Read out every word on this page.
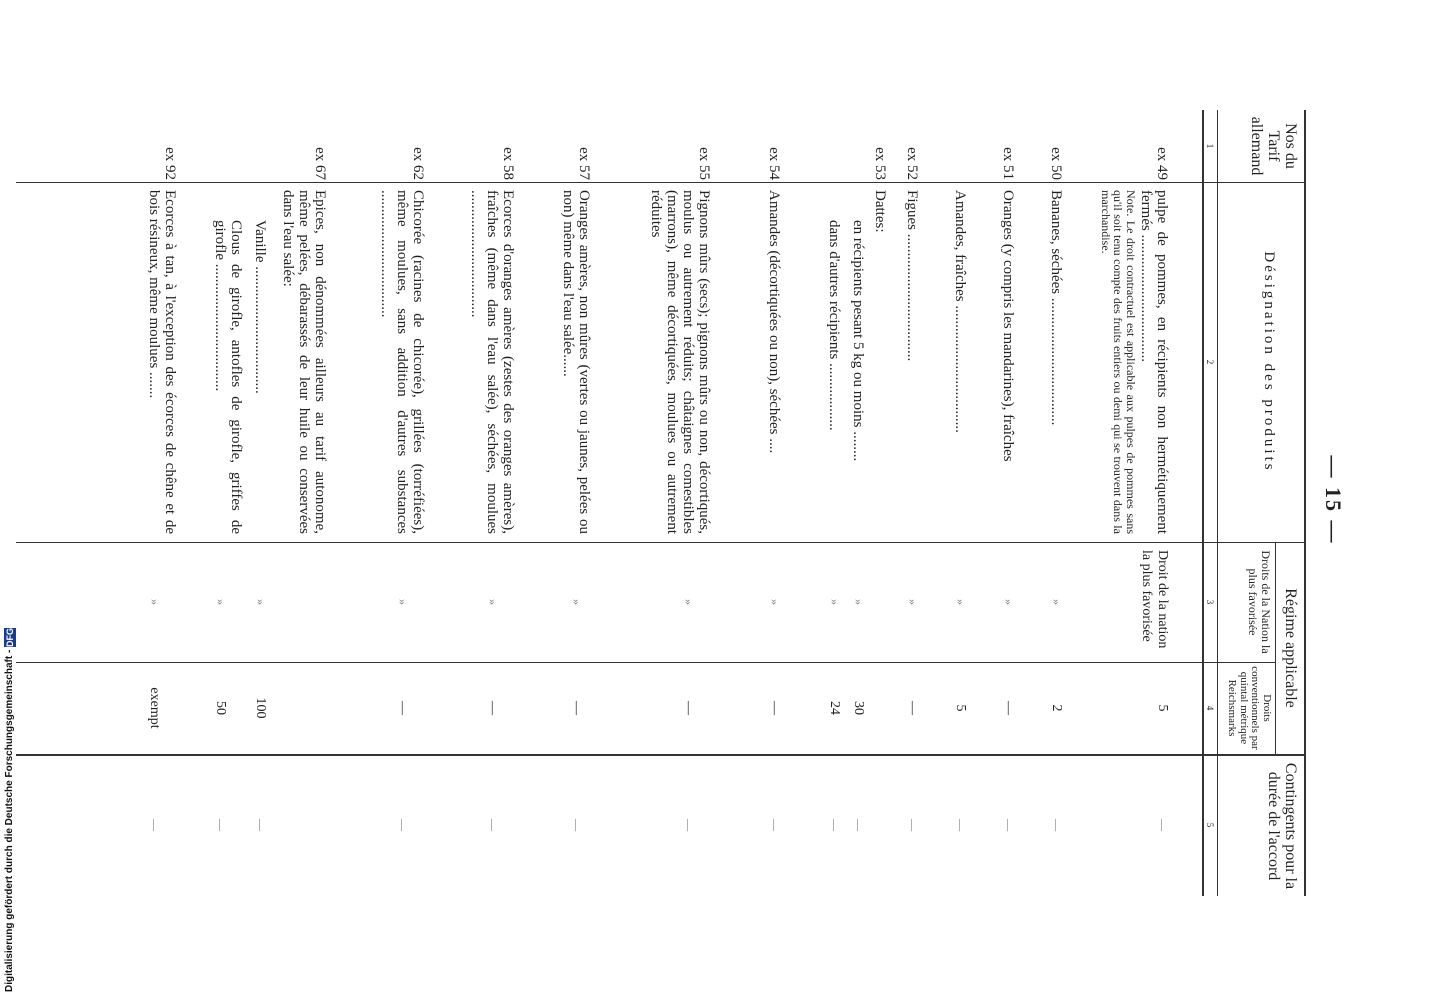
— 15 —
Nos du Tarif allemand
Désignation des produits
Régime applicable
Droits de la Nation la plus favorisée
Droits conventionnels par quintal métrique Reichsmarks
Contingents pour la durée de l'accord
1
2
3
4
5
ex 49
pulpe de pommes, en récipients non hermétiquement fermés ..................................
Note. Le droit contractuel est applicable aux pulpes de pommes sans qu'il soit tenu compte des fruits entiers ou demi qui se trouvent dans la marchandise.
Droit de la nation la plus favorisée
5
—
ex 50
Bananes, séchées ..................................
»
2
—
ex 51
Oranges (y compris les mandarines), fraîches
»
—
—
Amandes, fraîches ..................................
»
5
—
ex 52
Figues ..................................
»
—
—
ex 53
Dattes:
en récipients pesant 5 kg ou moins ........
»
30
—
dans d'autres récipients ..................
»
24
—
ex 54
Amandes (décortiquées ou non), séchées ....
»
—
—
ex 55
Pignons mûrs (secs); pignons mûrs ou non, décortiqués, moulus ou autrement réduits; châtaignes comestibles (marrons), même décortiquées, moulues ou autrement réduites
»
—
—
ex 57
Oranges amères, non mûres (vertes ou jaunes, pelées ou non) même dans l'eau salée......
»
—
—
ex 58
Ecorces d'oranges amères (zestes des oranges amères), fraîches (même dans l'eau salée), séchées, moulues ..................................
»
—
—
ex 62
Chicorée (racines de chicorée), grillées (torréfiées), même moulues, sans addition d'autres substances ..................................
»
—
—
ex 67
Epices, non dénommées ailleurs au tarif autonome, même pelées, débarassés de leur huile ou conservées dans l'eau salée:
Vanille ..................................
»
100
—
Clous de girofle, antofles de girofle, griffes de girofle ..................................
»
50
—
ex 92
Ecorces à tan, à l'exception des écorces de chêne et de bois résineux, même moulues .......
»
exempt
—
Digitalisierung gefördert durch die Deutsche Forschungsgemeinschaft - DFG
